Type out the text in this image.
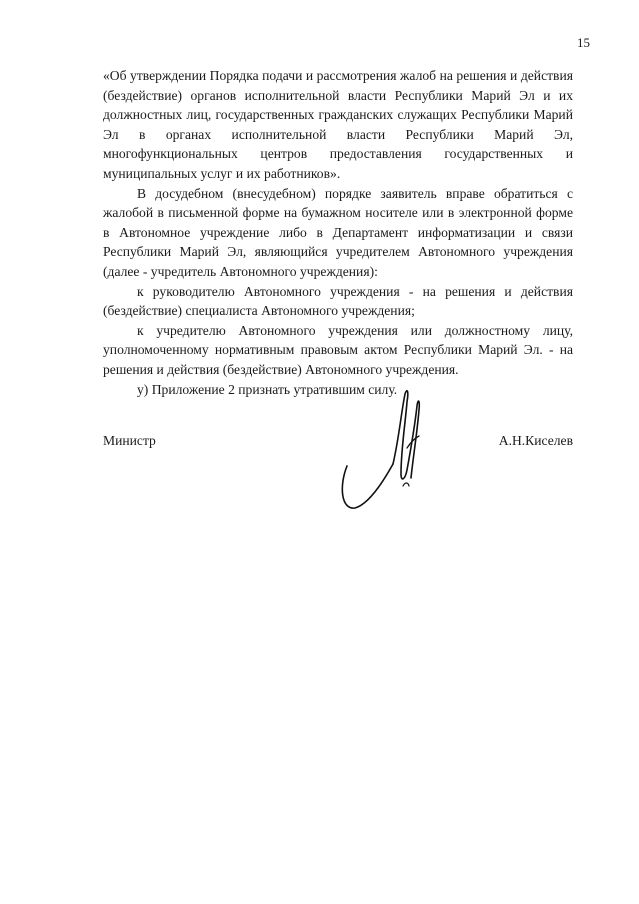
15

«Об утверждении Порядка подачи и рассмотрения жалоб на решения и действия (бездействие) органов исполнительной власти Республики Марий Эл и их должностных лиц, государственных гражданских служащих Республики Марий Эл в органах исполнительной власти Республики Марий Эл, многофункциональных центров предоставления государственных и муниципальных услуг и их работников».

В досудебном (внесудебном) порядке заявитель вправе обратиться с жалобой в письменной форме на бумажном носителе или в электронной форме в Автономное учреждение либо в Департамент информатизации и связи Республики Марий Эл, являющийся учредителем Автономного учреждения (далее - учредитель Автономного учреждения):

к руководителю Автономного учреждения - на решения и действия (бездействие) специалиста Автономного учреждения;

к учредителю Автономного учреждения или должностному лицу, уполномоченному нормативным правовым актом Республики Марий Эл. - на решения и действия (бездействие) Автономного учреждения.

у) Приложение 2 признать утратившим силу.

Министр	А.Н.Киселев
